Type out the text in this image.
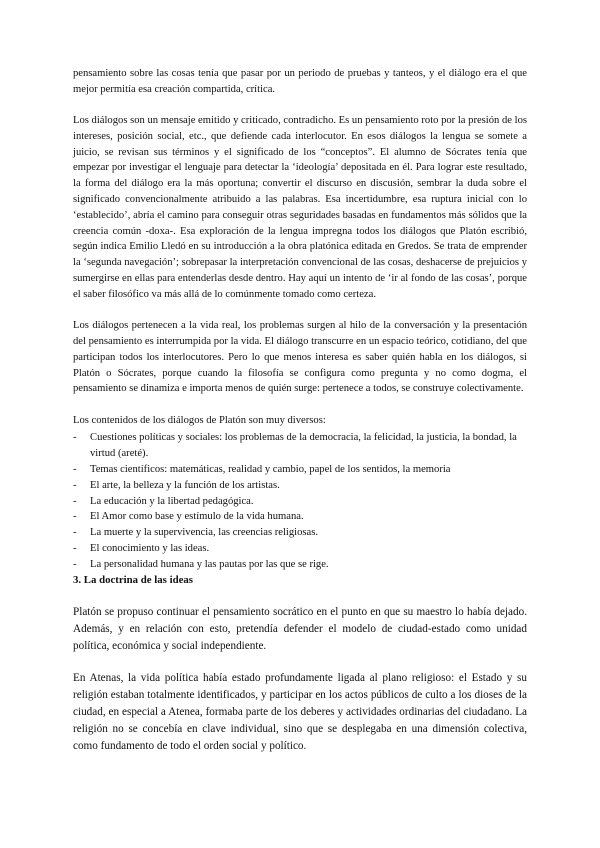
pensamiento sobre las cosas tenía que pasar por un periodo de pruebas y tanteos, y el diálogo era el que mejor permitía esa creación compartida, crítica.

Los diálogos son un mensaje emitido y criticado, contradicho. Es un pensamiento roto por la presión de los intereses, posición social, etc., que defiende cada interlocutor. En esos diálogos la lengua se somete a juicio, se revisan sus términos y el significado de los “conceptos”. El alumno de Sócrates tenía que empezar por investigar el lenguaje para detectar la ‘ideología’ depositada en él. Para lograr este resultado, la forma del diálogo era la más oportuna; convertir el discurso en discusión, sembrar la duda sobre el significado convencionalmente atribuido a las palabras. Esa incertidumbre, esa ruptura inicial con lo ‘establecido’, abría el camino para conseguir otras seguridades basadas en fundamentos más sólidos que la creencia común -doxa-. Esa exploración de la lengua impregna todos los diálogos que Platón escribió, según indica Emilio Lledó en su introducción a la obra platónica editada en Gredos. Se trata de emprender la ‘segunda navegación’; sobrepasar la interpretación convencional de las cosas, deshacerse de prejuicios y sumergirse en ellas para entenderlas desde dentro. Hay aquí un intento de ‘ir al fondo de las cosas’, porque el saber filosófico va más allá de lo comúnmente tomado como certeza.

Los diálogos pertenecen a la vida real, los problemas surgen al hilo de la conversación y la presentación del pensamiento es interrumpida por la vida. El diálogo transcurre en un espacio teórico, cotidiano, del que participan todos los interlocutores. Pero lo que menos interesa es saber quién habla en los diálogos, si Platón o Sócrates, porque cuando la filosofía se configura como pregunta y no como dogma, el pensamiento se dinamiza e importa menos de quién surge: pertenece a todos, se construye colectivamente.

Los contenidos de los diálogos de Platón son muy diversos:

- Cuestiones políticas y sociales: los problemas de la democracia, la felicidad, la justicia, la bondad, la virtud (areté).
- Temas científicos: matemáticas, realidad y cambio, papel de los sentidos, la memoria
- El arte, la belleza y la función de los artistas.
- La educación y la libertad pedagógica.
- El Amor como base y estímulo de la vida humana.
- La muerte y la supervivencia, las creencias religiosas.
- El conocimiento y las ideas.
- La personalidad humana y las pautas por las que se rige.

3. La doctrina de las ideas

Platón se propuso continuar el pensamiento socrático en el punto en que su maestro lo había dejado. Además, y en relación con esto, pretendía defender el modelo de ciudad-estado como unidad política, económica y social independiente.

En Atenas, la vida política había estado profundamente ligada al plano religioso: el Estado y su religión estaban totalmente identificados, y participar en los actos públicos de culto a los dioses de la ciudad, en especial a Atenea, formaba parte de los deberes y actividades ordinarias del ciudadano. La religión no se concebía en clave individual, sino que se desplegaba en una dimensión colectiva, como fundamento de todo el orden social y político.
